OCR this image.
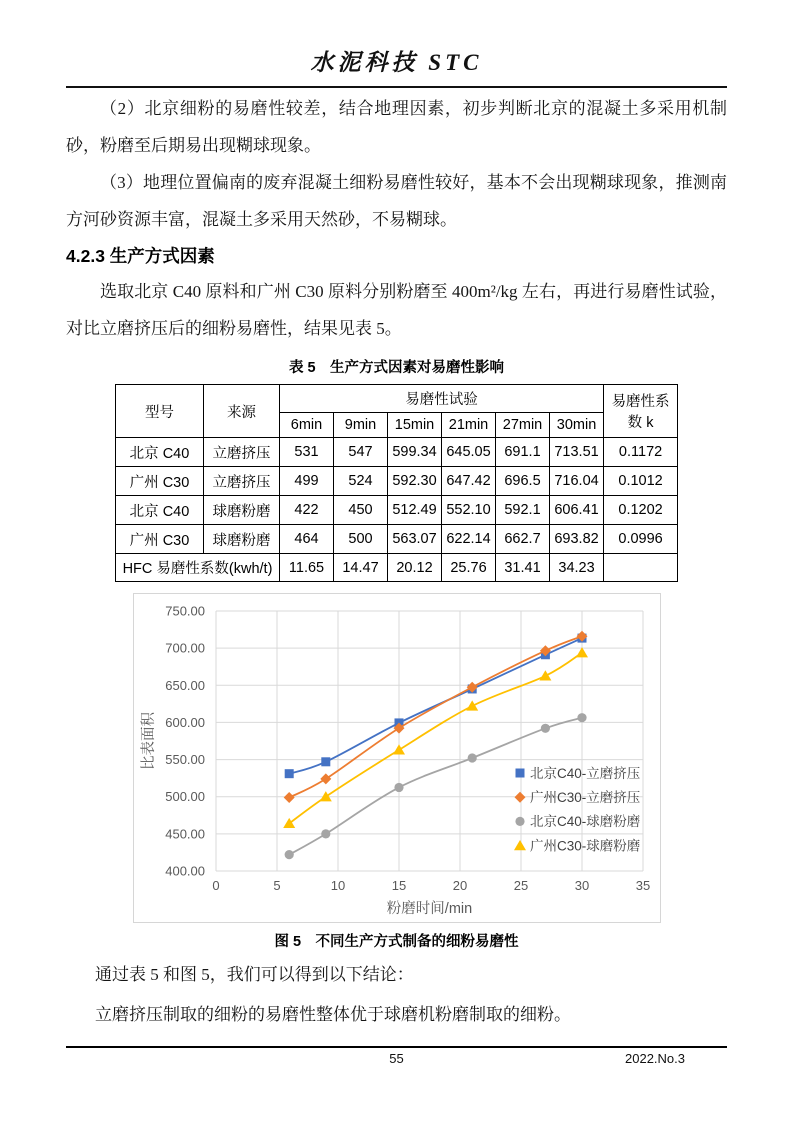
水泥科技 STC

（2）北京细粉的易磨性较差，结合地理因素，初步判断北京的混凝土多采用机制砂，粉磨至后期易出现糊球现象。

（3）地理位置偏南的废弃混凝土细粉易磨性较好，基本不会出现糊球现象，推测南方河砂资源丰富，混凝土多采用天然砂，不易糊球。

4.2.3 生产方式因素

选取北京 C40 原料和广州 C30 原料分别粉磨至 400m²/kg 左右，再进行易磨性试验，对比立磨挤压后的细粉易磨性，结果见表 5。

表 5　生产方式因素对易磨性影响
型号	来源	易磨性试验						易磨性系数 k
		6min	9min	15min	21min	27min	30min	
北京 C40	立磨挤压	531	547	599.34	645.05	691.1	713.51	0.1172
广州 C30	立磨挤压	499	524	592.30	647.42	696.5	716.04	0.1012
北京 C40	球磨粉磨	422	450	512.49	552.10	592.1	606.41	0.1202
广州 C30	球磨粉磨	464	500	563.07	622.14	662.7	693.82	0.0996
HFC 易磨性系数(kwh/t)		11.65	14.47	20.12	25.76	31.41	34.23	
400.00
450.00
500.00
550.00
600.00
650.00
700.00
750.00
0	5	10	15	20	25	30	35
比表面积
粉磨时间/min
北京C40-立磨挤压
广州C30-立磨挤压
北京C40-球磨粉磨
广州C30-球磨粉磨
图 5　不同生产方式制备的细粉易磨性

通过表 5 和图 5，我们可以得到以下结论：

立磨挤压制取的细粉的易磨性整体优于球磨机粉磨制取的细粉。

55	2022.No.3
